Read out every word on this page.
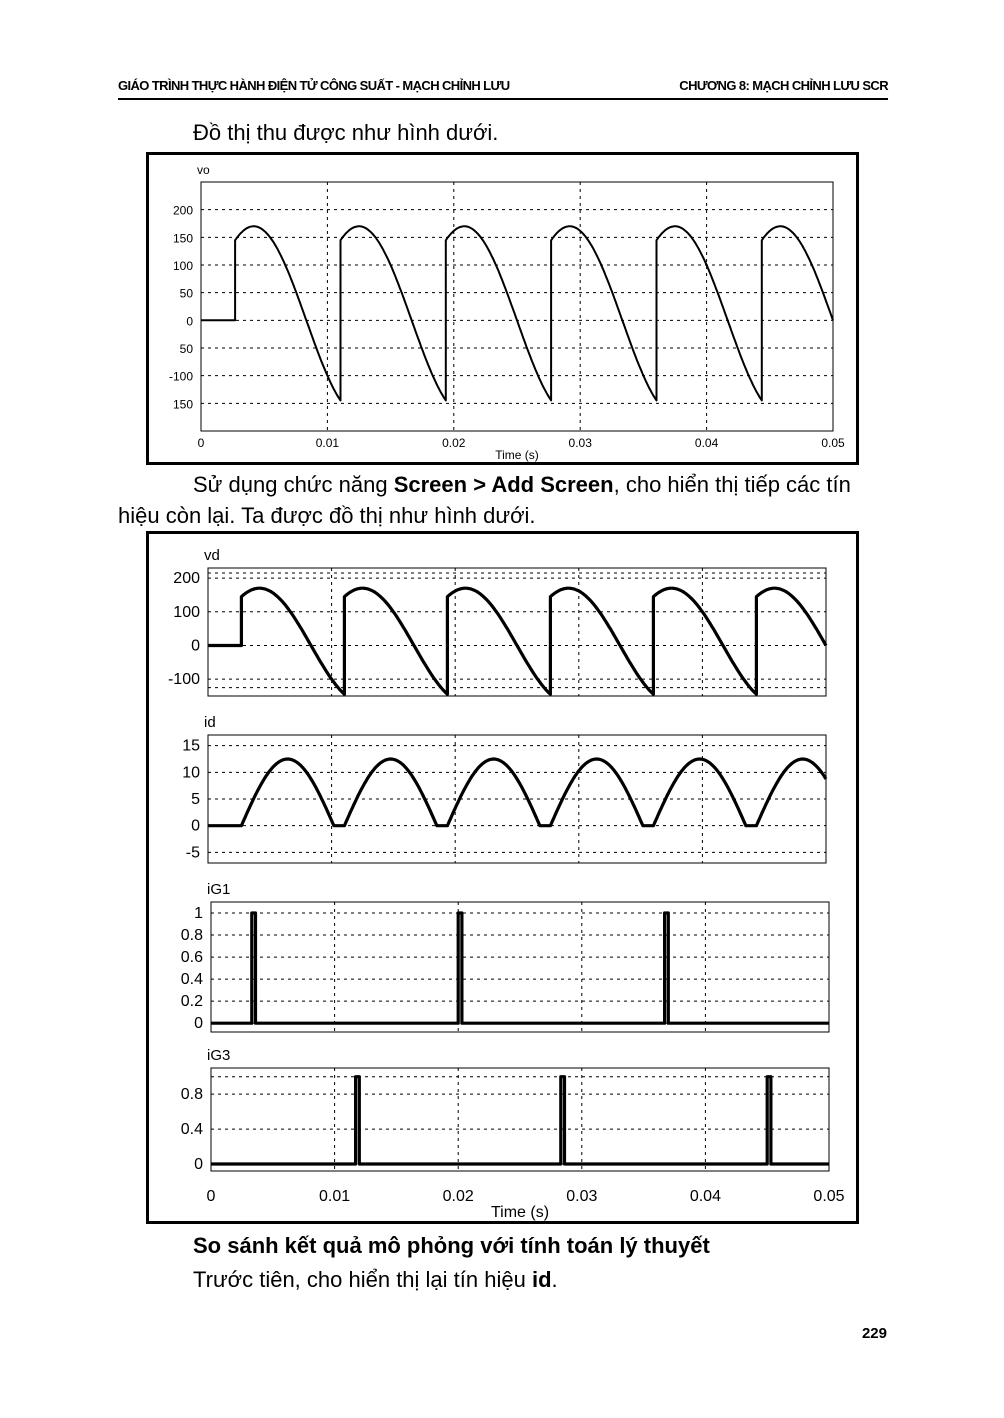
GIÁO TRÌNH THỰC HÀNH ĐIỆN TỬ CÔNG SUẤT - MẠCH CHỈNH LƯU	CHƯƠNG 8: MẠCH CHỈNH LƯU SCR
Đồ thị thu được như hình dưới.
200
150
100
50
0
50
-100
150
vo
0	0.01	0.02	0.03	0.04	0.05
Time (s)
Sử dụng chức năng Screen > Add Screen, cho hiển thị tiếp các tín
hiệu còn lại. Ta được đồ thị như hình dưới.
200
100
0
-100
vd
15
10
5
0
-5
id
1
0.8
0.6
0.4
0.2
0
iG1
0.8
0.4
0
iG3
0	0.01	0.02	0.03	0.04	0.05
Time (s)
So sánh kết quả mô phỏng với tính toán lý thuyết
Trước tiên, cho hiển thị lại tín hiệu id.
229
